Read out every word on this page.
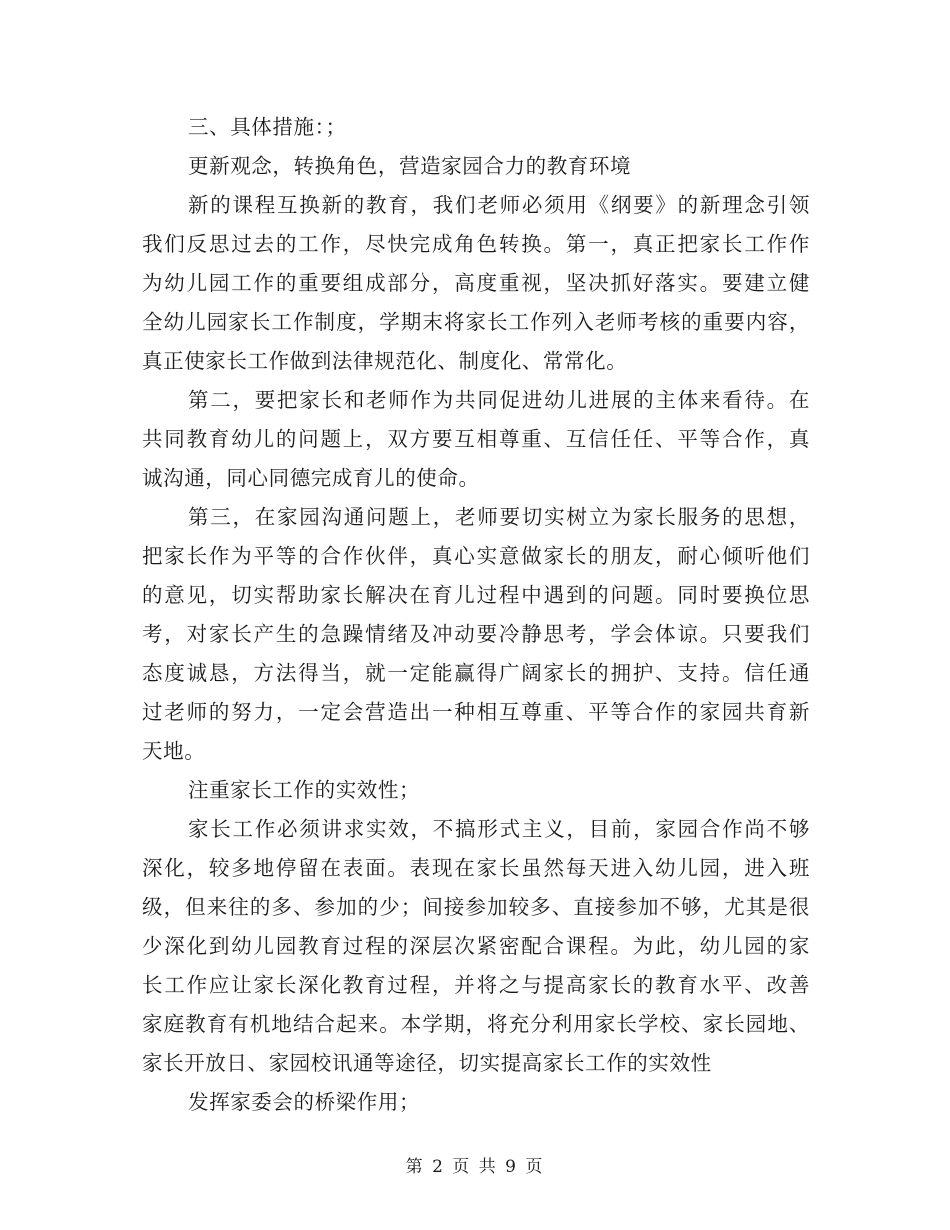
三、具体措施：；
更新观念，转换角色，营造家园合力的教育环境
新的课程互换新的教育，我们老师必须用《纲要》的新理念引领
我们反思过去的工作，尽快完成角色转换。第一，真正把家长工作作
为幼儿园工作的重要组成部分，高度重视，坚决抓好落实。要建立健
全幼儿园家长工作制度，学期末将家长工作列入老师考核的重要内容，
真正使家长工作做到法律规范化、制度化、常常化。
第二，要把家长和老师作为共同促进幼儿进展的主体来看待。在
共同教育幼儿的问题上，双方要互相尊重、互信任任、平等合作，真
诚沟通，同心同德完成育儿的使命。
第三，在家园沟通问题上，老师要切实树立为家长服务的思想，
把家长作为平等的合作伙伴，真心实意做家长的朋友，耐心倾听他们
的意见，切实帮助家长解决在育儿过程中遇到的问题。同时要换位思
考，对家长产生的急躁情绪及冲动要冷静思考，学会体谅。只要我们
态度诚恳，方法得当，就一定能赢得广阔家长的拥护、支持。信任通
过老师的努力，一定会营造出一种相互尊重、平等合作的家园共育新
天地。
注重家长工作的实效性；
家长工作必须讲求实效，不搞形式主义，目前，家园合作尚不够
深化，较多地停留在表面。表现在家长虽然每天进入幼儿园，进入班
级，但来往的多、参加的少；间接参加较多、直接参加不够，尤其是很
少深化到幼儿园教育过程的深层次紧密配合课程。为此，幼儿园的家
长工作应让家长深化教育过程，并将之与提高家长的教育水平、改善
家庭教育有机地结合起来。本学期，将充分利用家长学校、家长园地、
家长开放日、家园校讯通等途径，切实提高家长工作的实效性
发挥家委会的桥梁作用；
第 2 页 共 9 页
